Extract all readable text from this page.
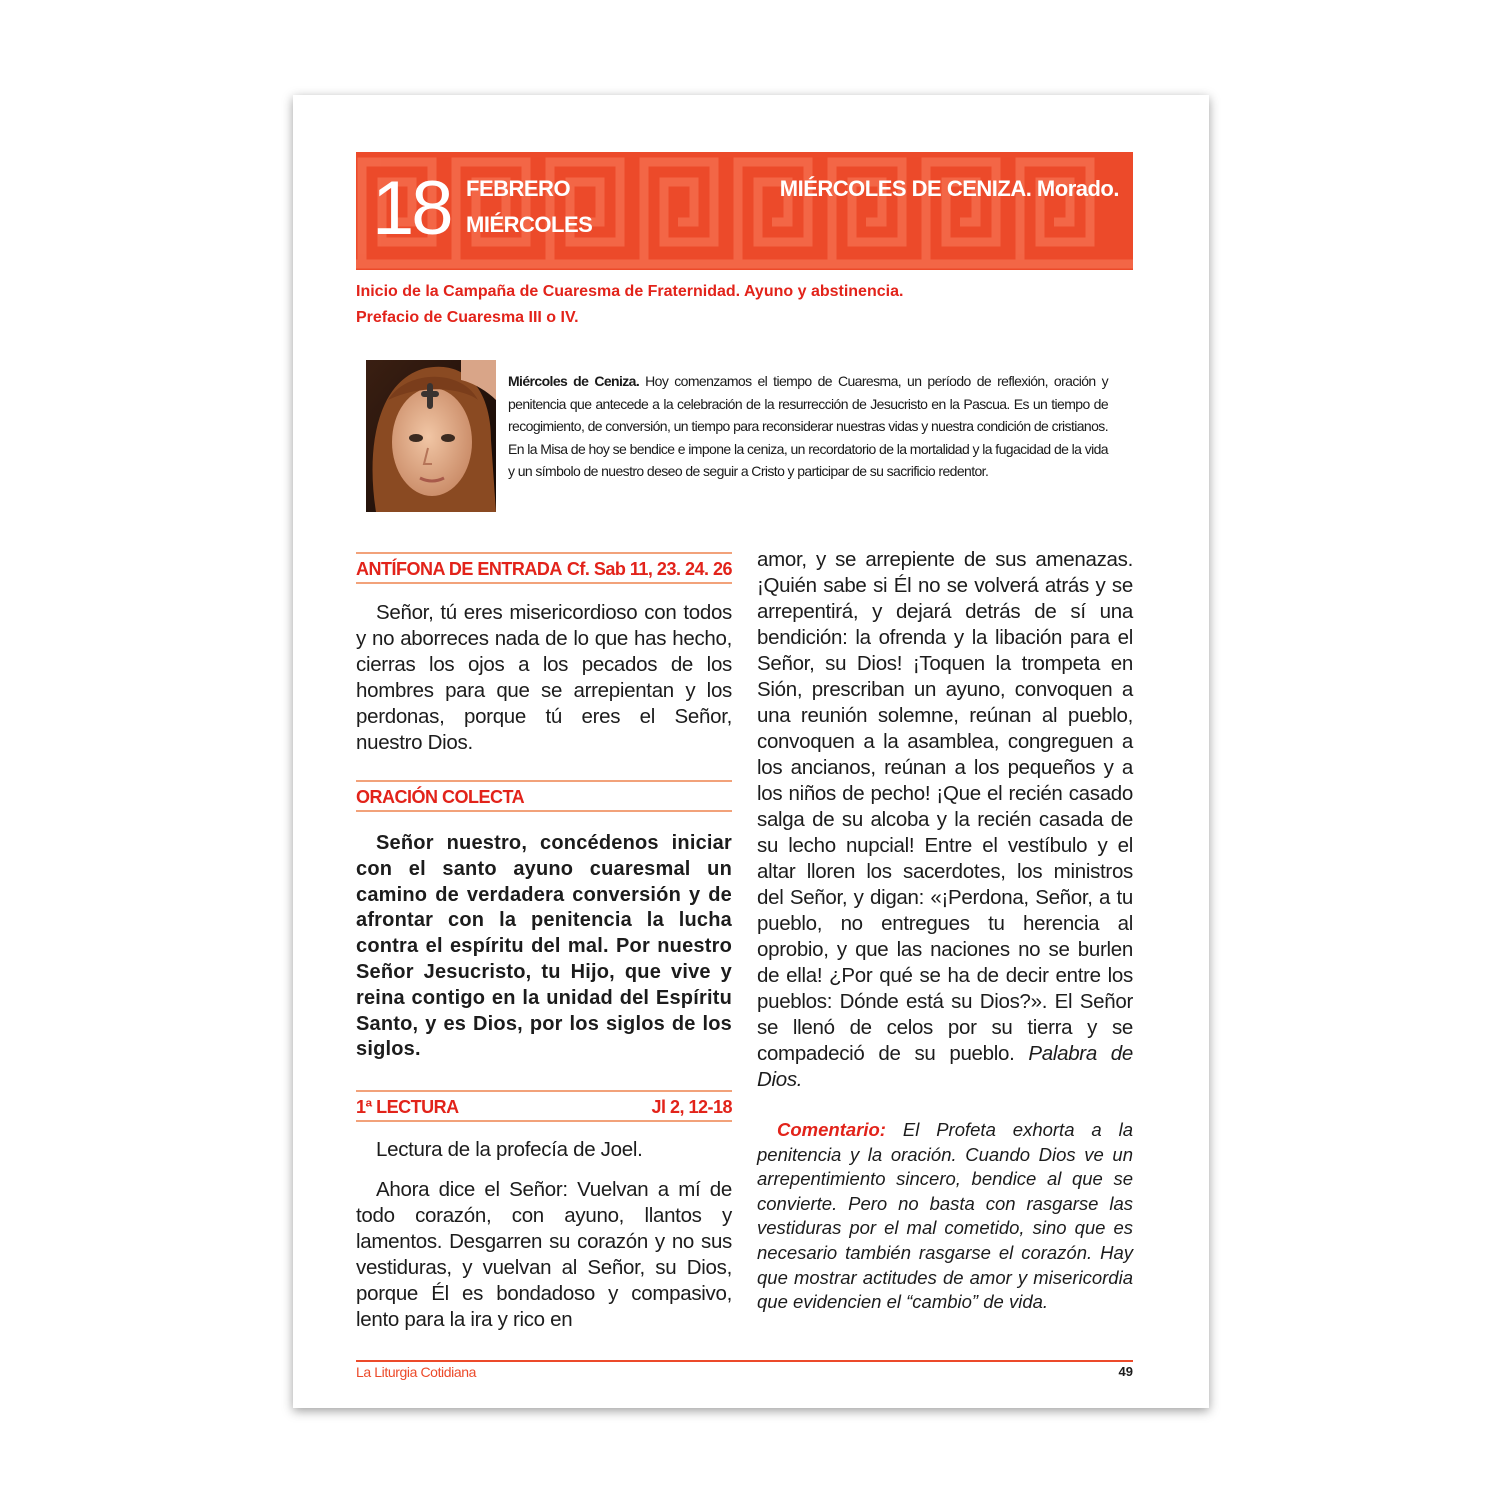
18 FEBRERO
MIÉRCOLES
MIÉRCOLES DE CENIZA. Morado.
Inicio de la Campaña de Cuaresma de Fraternidad. Ayuno y abstinencia.
Prefacio de Cuaresma III o IV.
Miércoles de Ceniza. Hoy comenzamos el tiempo de Cuaresma, un período de reflexión, oración y penitencia que antecede a la celebración de la resurrección de Jesucristo en la Pascua. Es un tiempo de recogimiento, de conversión, un tiempo para reconsiderar nuestras vidas y nuestra condición de cristianos. En la Misa de hoy se bendice e impone la ceniza, un recordatorio de la mortalidad y la fugacidad de la vida y un símbolo de nuestro deseo de seguir a Cristo y participar de su sacrificio redentor.
ANTÍFONA DE ENTRADA Cf. Sab 11, 23. 24. 26
Señor, tú eres misericordioso con todos y no aborreces nada de lo que has hecho, cierras los ojos a los pecados de los hombres para que se arrepientan y los perdonas, porque tú eres el Señor, nuestro Dios.
ORACIÓN COLECTA
Señor nuestro, concédenos iniciar con el santo ayuno cuaresmal un camino de verdadera conversión y de afrontar con la penitencia la lucha contra el espíritu del mal. Por nuestro Señor Jesucristo, tu Hijo, que vive y reina contigo en la unidad del Espíritu Santo, y es Dios, por los siglos de los siglos.
1ª LECTURA	Jl 2, 12-18
Lectura de la profecía de Joel.
Ahora dice el Señor: Vuelvan a mí de todo corazón, con ayuno, llantos y lamentos. Desgarren su corazón y no sus vestiduras, y vuelvan al Señor, su Dios, porque Él es bondadoso y compasivo, lento para la ira y rico en
amor, y se arrepiente de sus amenazas. ¡Quién sabe si Él no se volverá atrás y se arrepentirá, y dejará detrás de sí una bendición: la ofrenda y la libación para el Señor, su Dios! ¡Toquen la trompeta en Sión, prescriban un ayuno, convoquen a una reunión solemne, reúnan al pueblo, convoquen a la asamblea, congreguen a los ancianos, reúnan a los pequeños y a los niños de pecho! ¡Que el recién casado salga de su alcoba y la recién casada de su lecho nupcial! Entre el vestíbulo y el altar lloren los sacerdotes, los ministros del Señor, y digan: «¡Perdona, Señor, a tu pueblo, no entregues tu herencia al oprobio, y que las naciones no se burlen de ella! ¿Por qué se ha de decir entre los pueblos: Dónde está su Dios?». El Señor se llenó de celos por su tierra y se compadeció de su pueblo. Palabra de Dios.
Comentario: El Profeta exhorta a la penitencia y la oración. Cuando Dios ve un arrepentimiento sincero, bendice al que se convierte. Pero no basta con rasgarse las vestiduras por el mal cometido, sino que es necesario también rasgarse el corazón. Hay que mostrar actitudes de amor y misericordia que evidencien el “cambio” de vida.
La Liturgia Cotidiana	49
